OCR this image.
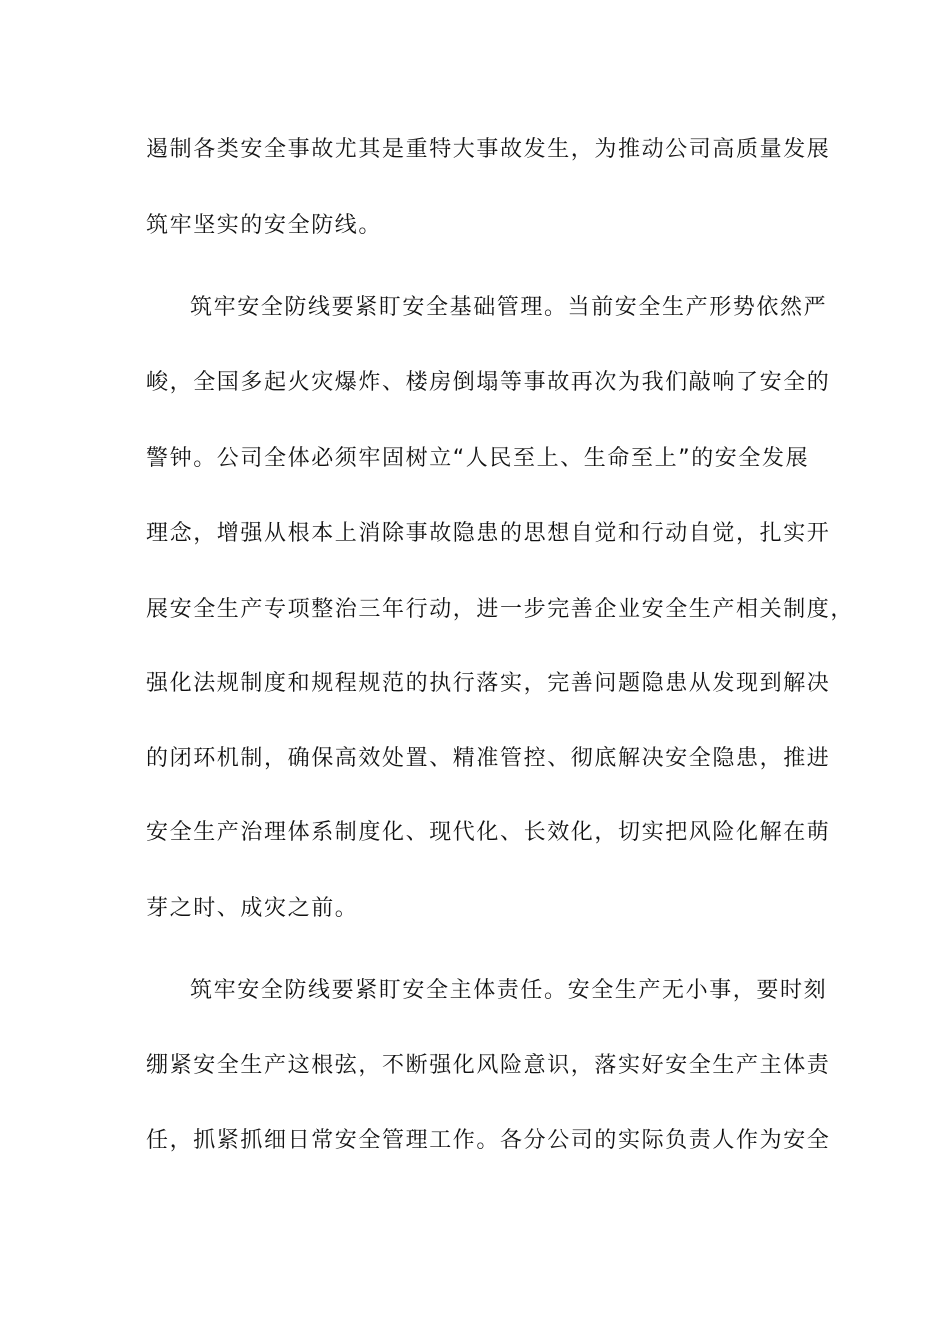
遏制各类安全事故尤其是重特大事故发生，为推动公司高质量发展
筑牢坚实的安全防线。
筑牢安全防线要紧盯安全基础管理。当前安全生产形势依然严
峻，全国多起火灾爆炸、楼房倒塌等事故再次为我们敲响了安全的
警钟。公司全体必须牢固树立“人民至上、生命至上”的安全发展
理念，增强从根本上消除事故隐患的思想自觉和行动自觉，扎实开
展安全生产专项整治三年行动，进一步完善企业安全生产相关制度，
强化法规制度和规程规范的执行落实，完善问题隐患从发现到解决
的闭环机制，确保高效处置、精准管控、彻底解决安全隐患，推进
安全生产治理体系制度化、现代化、长效化，切实把风险化解在萌
芽之时、成灾之前。
筑牢安全防线要紧盯安全主体责任。安全生产无小事，要时刻
绷紧安全生产这根弦，不断强化风险意识，落实好安全生产主体责
任，抓紧抓细日常安全管理工作。各分公司的实际负责人作为安全
